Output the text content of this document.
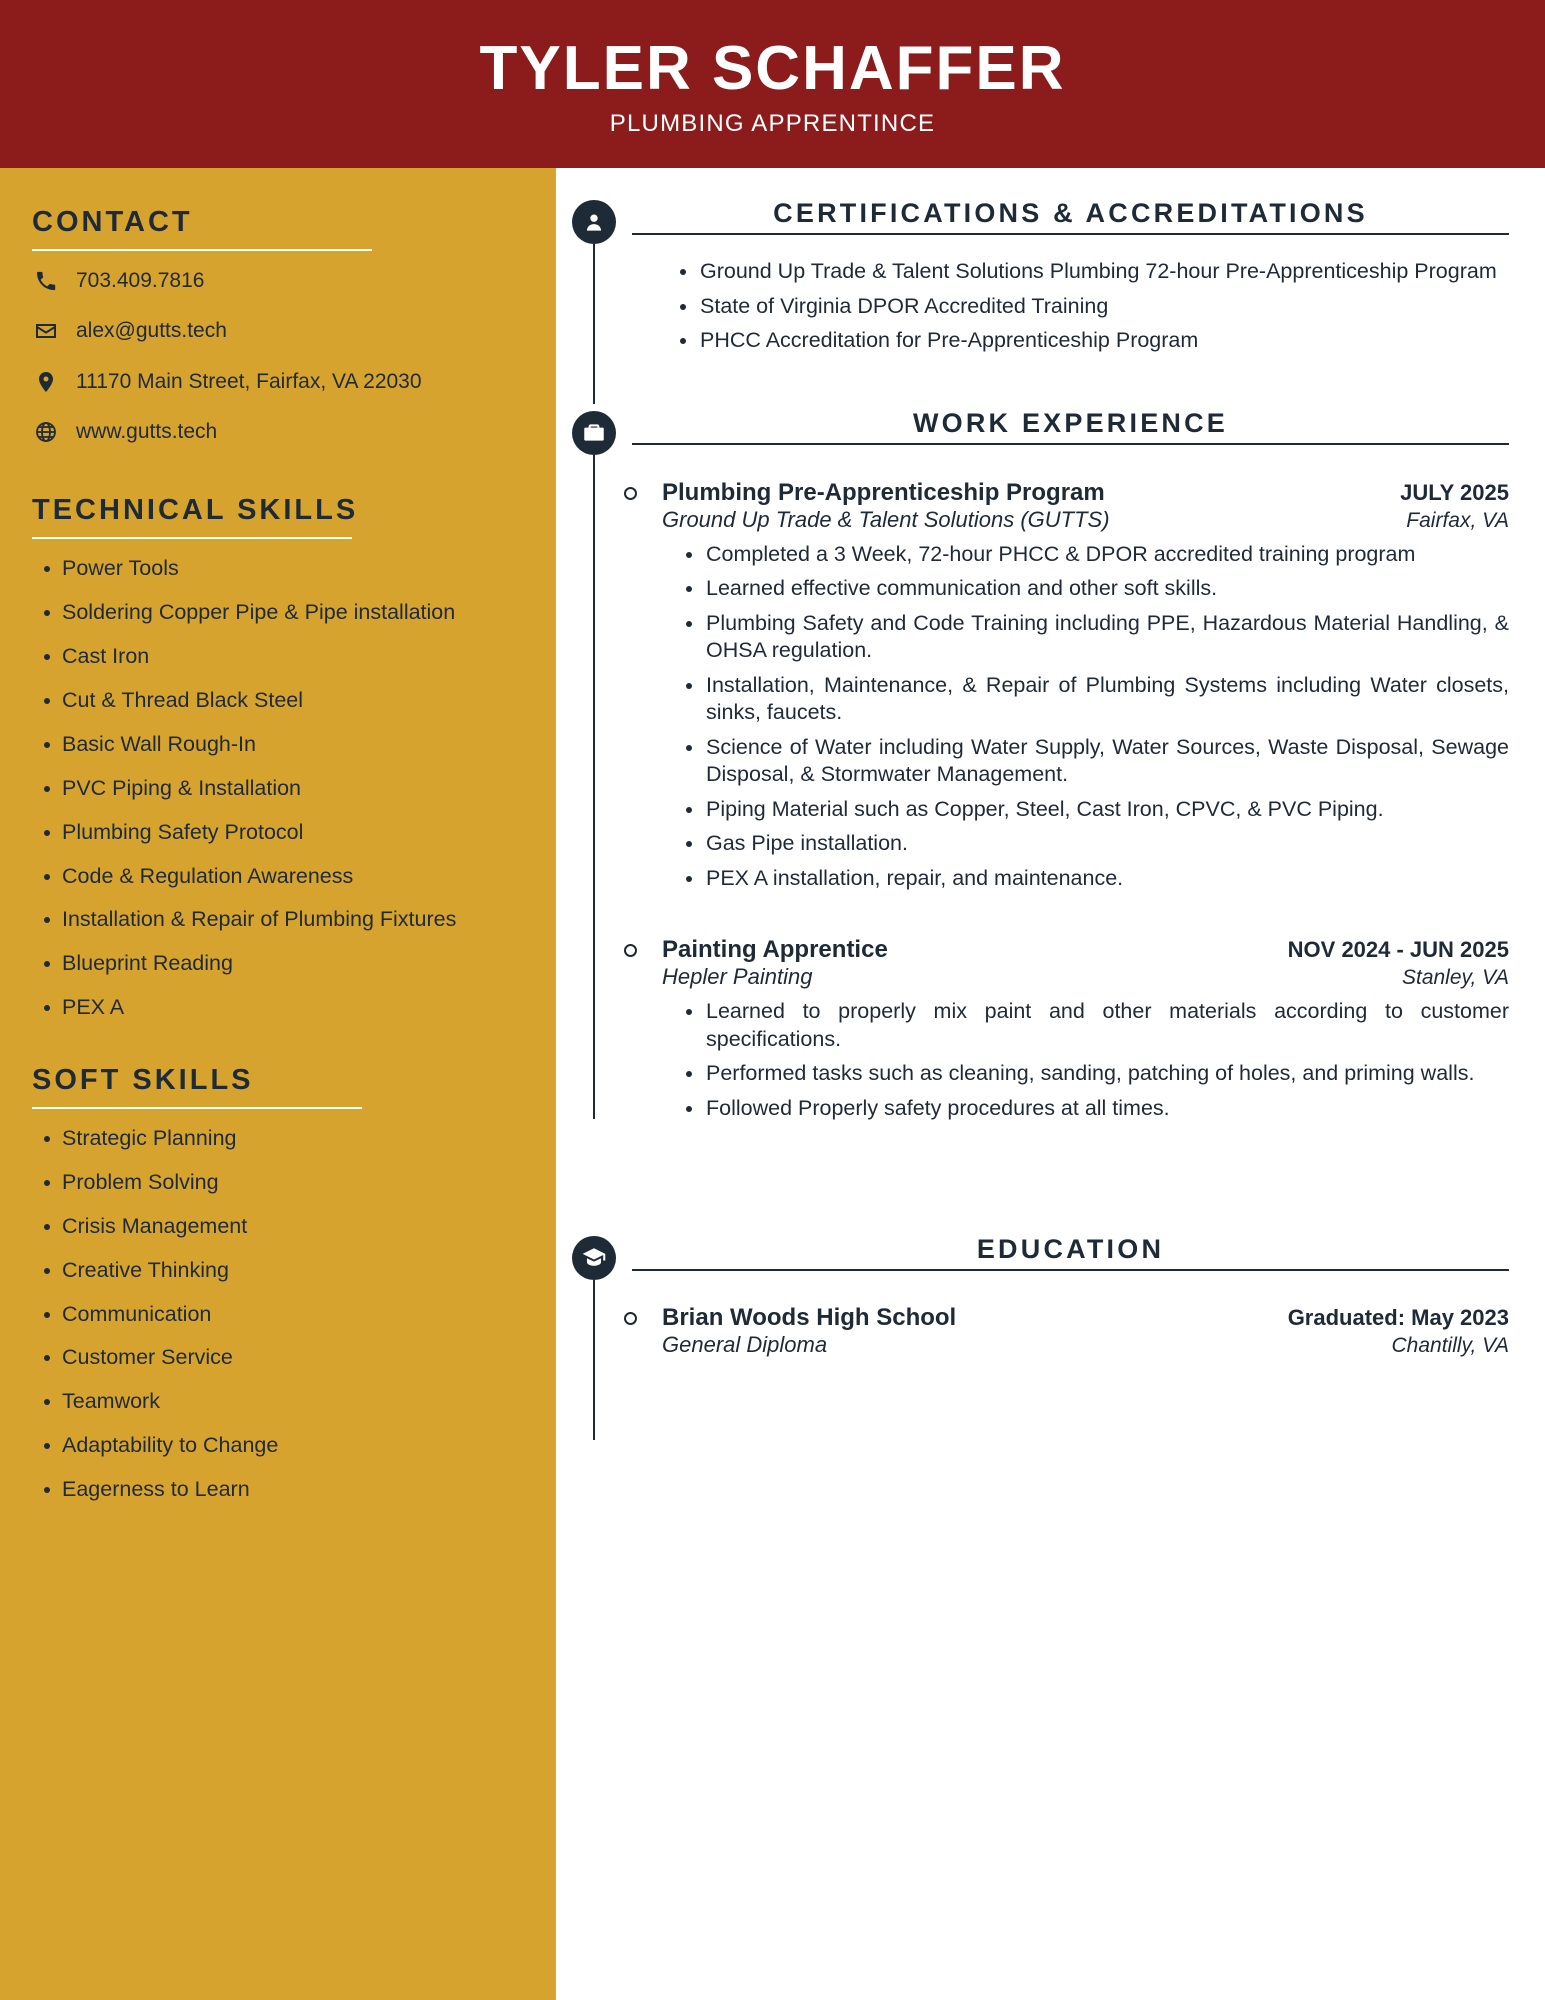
TYLER SCHAFFER
PLUMBING APPRENTINCE
CONTACT
703.409.7816
alex@gutts.tech
11170 Main Street, Fairfax, VA 22030
www.gutts.tech
TECHNICAL SKILLS
Power Tools
Soldering Copper Pipe & Pipe installation
Cast Iron
Cut & Thread Black Steel
Basic Wall Rough-In
PVC Piping & Installation
Plumbing Safety Protocol
Code & Regulation Awareness
Installation & Repair of Plumbing Fixtures
Blueprint Reading
PEX A
SOFT SKILLS
Strategic Planning
Problem Solving
Crisis Management
Creative Thinking
Communication
Customer Service
Teamwork
Adaptability to Change
Eagerness to Learn
CERTIFICATIONS & ACCREDITATIONS
Ground Up Trade & Talent Solutions Plumbing 72-hour Pre-Apprenticeship Program
State of Virginia DPOR Accredited Training
PHCC Accreditation for Pre-Apprenticeship Program
WORK EXPERIENCE
Plumbing Pre-Apprenticeship Program	JULY 2025
Ground Up Trade & Talent Solutions (GUTTS)	Fairfax, VA
Completed a 3 Week, 72-hour PHCC & DPOR accredited training program
Learned effective communication and other soft skills.
Plumbing Safety and Code Training including PPE, Hazardous Material Handling, & OHSA regulation.
Installation, Maintenance, & Repair of Plumbing Systems including Water closets, sinks, faucets.
Science of Water including Water Supply, Water Sources, Waste Disposal, Sewage Disposal, & Stormwater Management.
Piping Material such as Copper, Steel, Cast Iron, CPVC, & PVC Piping.
Gas Pipe installation.
PEX A installation, repair, and maintenance.
Painting Apprentice	NOV 2024 - JUN 2025
Hepler Painting	Stanley, VA
Learned to properly mix paint and other materials according to customer specifications.
Performed tasks such as cleaning, sanding, patching of holes, and priming walls.
Followed Properly safety procedures at all times.
EDUCATION
Brian Woods High School	Graduated: May 2023
General Diploma	Chantilly, VA
